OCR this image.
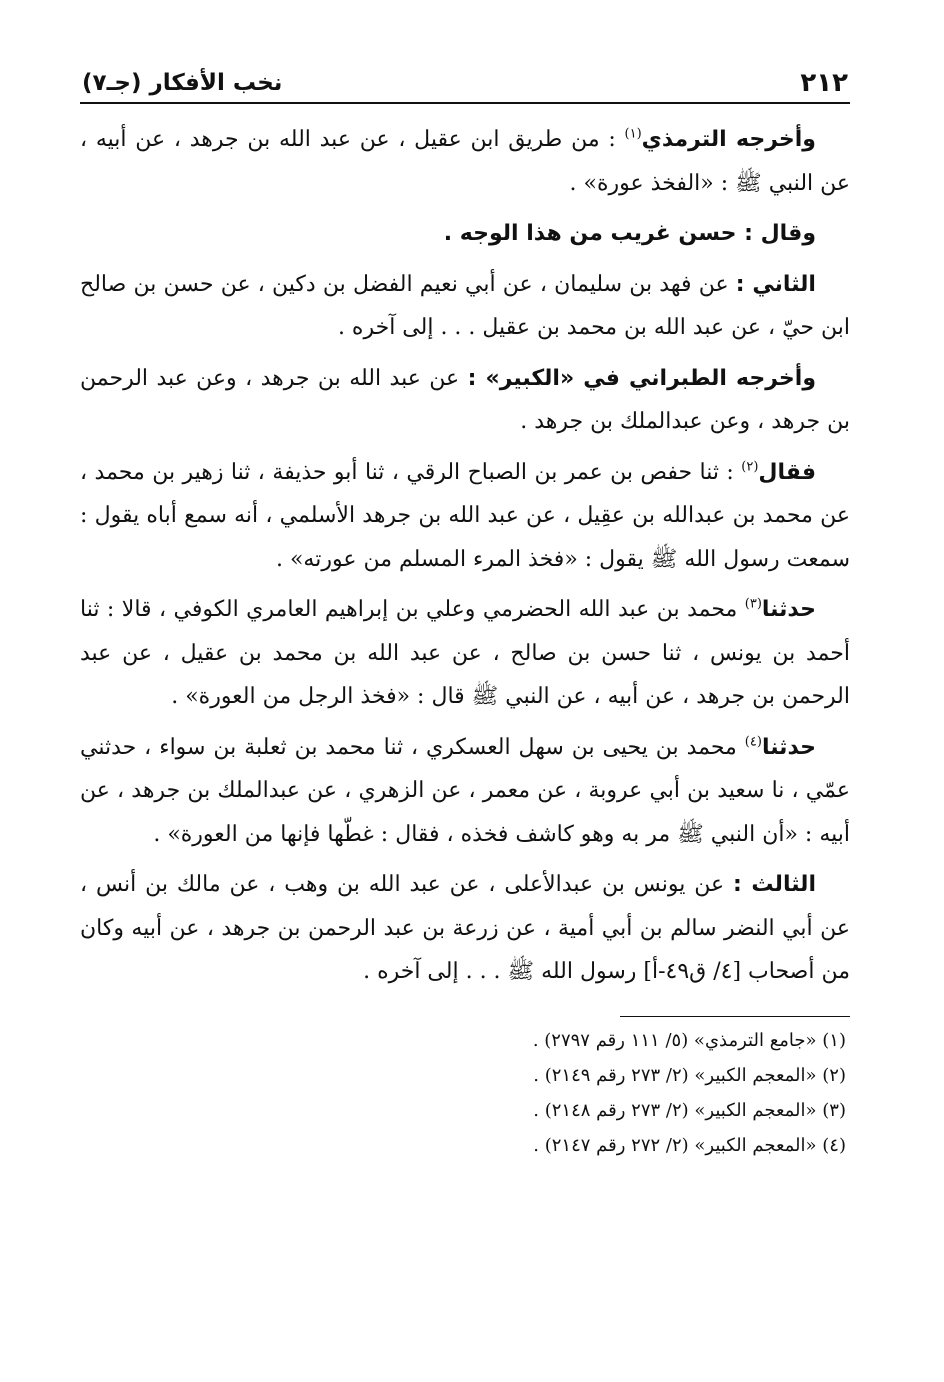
٢١٢
نخب الأفكار (جـ٧)

وأخرجه الترمذي$^{(١)}$ : من طريق ابن عقيل ، عن عبد الله بن جرهد ، عن أبيه ، عن النبي ﷺ : «الفخذ عورة» .

وقال : حسن غريب من هذا الوجه .

الثاني : عن فهد بن سليمان ، عن أبي نعيم الفضل بن دكين ، عن حسن بن صالح ابن حيّ ، عن عبد الله بن محمد بن عقيل . . . إلى آخره .

وأخرجه الطبراني في «الكبير» : عن عبد الله بن جرهد ، وعن عبد الرحمن بن جرهد ، وعن عبدالملك بن جرهد .

فقال$^{(٢)}$ : ثنا حفص بن عمر بن الصباح الرقي ، ثنا أبو حذيفة ، ثنا زهير بن محمد ، عن محمد بن عبدالله بن عقِيل ، عن عبد الله بن جرهد الأسلمي ، أنه سمع أباه يقول : سمعت رسول الله ﷺ يقول : «فخذ المرء المسلم من عورته» .

حدثنا$^{(٣)}$ محمد بن عبد الله الحضرمي وعلي بن إبراهيم العامري الكوفي ، قالا : ثنا أحمد بن يونس ، ثنا حسن بن صالح ، عن عبد الله بن محمد بن عقيل ، عن عبد الرحمن بن جرهد ، عن أبيه ، عن النبي ﷺ قال : «فخذ الرجل من العورة» .

حدثنا$^{(٤)}$ محمد بن يحيى بن سهل العسكري ، ثنا محمد بن ثعلبة بن سواء ، حدثني عمّي ، نا سعيد بن أبي عروبة ، عن معمر ، عن الزهري ، عن عبدالملك بن جرهد ، عن أبيه : «أن النبي ﷺ مر به وهو كاشف فخذه ، فقال : غطّها فإنها من العورة» .

الثالث : عن يونس بن عبدالأعلى ، عن عبد الله بن وهب ، عن مالك بن أنس ، عن أبي النضر سالم بن أبي أمية ، عن زرعة بن عبد الرحمن بن جرهد ، عن أبيه وكان من أصحاب [٤/ ق٤٩-أ] رسول الله ﷺ . . . إلى آخره .

(١) «جامع الترمذي» (٥/ ١١١ رقم ٢٧٩٧) .

(٢) «المعجم الكبير» (٢/ ٢٧٣ رقم ٢١٤٩) .

(٣) «المعجم الكبير» (٢/ ٢٧٣ رقم ٢١٤٨) .

(٤) «المعجم الكبير» (٢/ ٢٧٢ رقم ٢١٤٧) .
